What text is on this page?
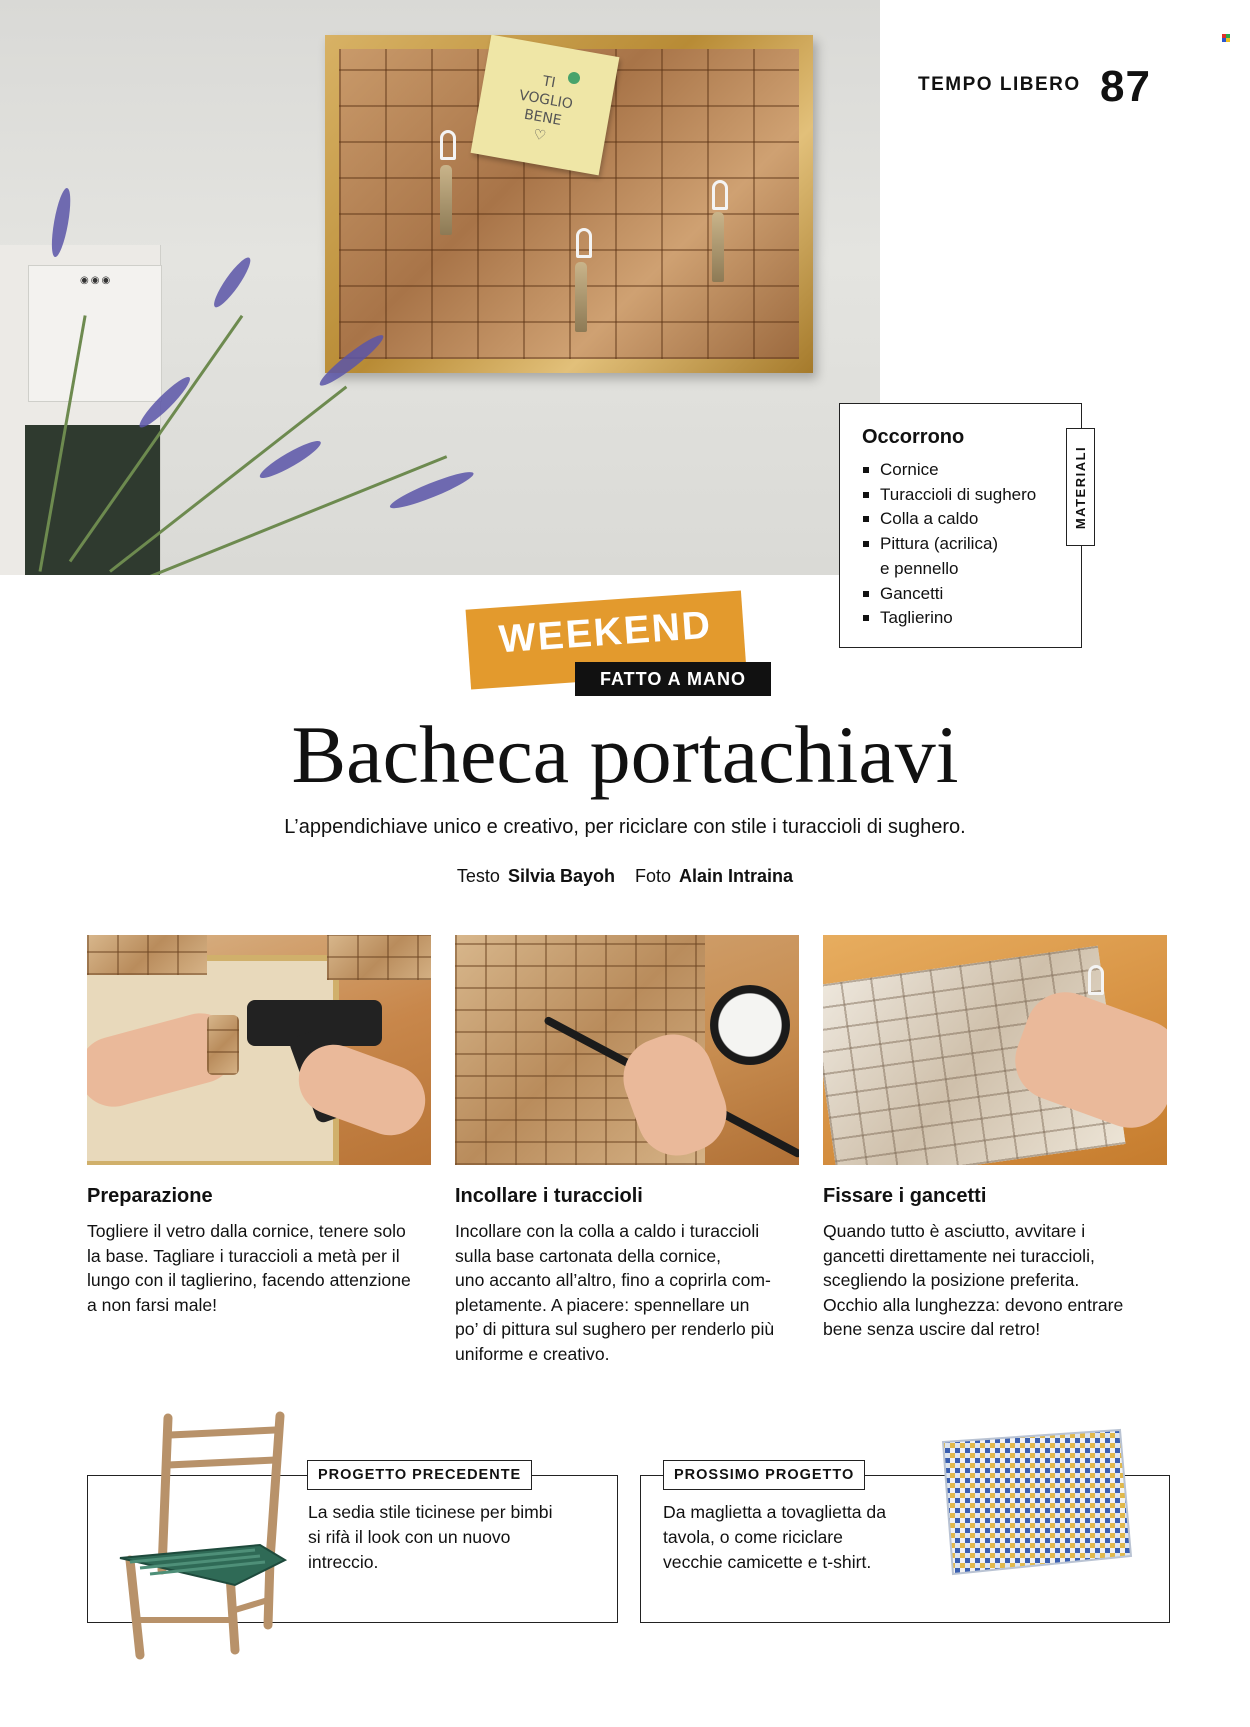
◉◉◉
TI
VOGLIO
BENE
♡
TEMPO LIBERO 87
Occorrono
Cornice
Turaccioli di sughero
Colla a caldo
Pittura (acrilica)
e pennello
Gancetti
Taglierino
MATERIALI
WEEKEND
FATTO A MANO
Bacheca portachiavi
L’appendichiave unico e creativo, per riciclare con stile i turaccioli di sughero.
Testo Silvia Bayoh Foto Alain Intraina
Preparazione
Togliere il vetro dalla cornice, tenere solo
la base. Tagliare i turaccioli a metà per il
lungo con il taglierino, facendo attenzione
a non farsi male!
Incollare i turaccioli
Incollare con la colla a caldo i turaccioli
sulla base cartonata della cornice,
uno accanto all’altro, fino a coprirla com-
pletamente. A piacere: spennellare un
po’ di pittura sul sughero per renderlo più
uniforme e creativo.
Fissare i gancetti
Quando tutto è asciutto, avvitare i
gancetti direttamente nei turaccioli,
scegliendo la posizione preferita.
Occhio alla lunghezza: devono entrare
bene senza uscire dal retro!
PROGETTO PRECEDENTE
La sedia stile ticinese per bimbi
si rifà il look con un nuovo
intreccio.
PROSSIMO PROGETTO
Da maglietta a tovaglietta da
tavola, o come riciclare
vecchie camicette e t-shirt.
